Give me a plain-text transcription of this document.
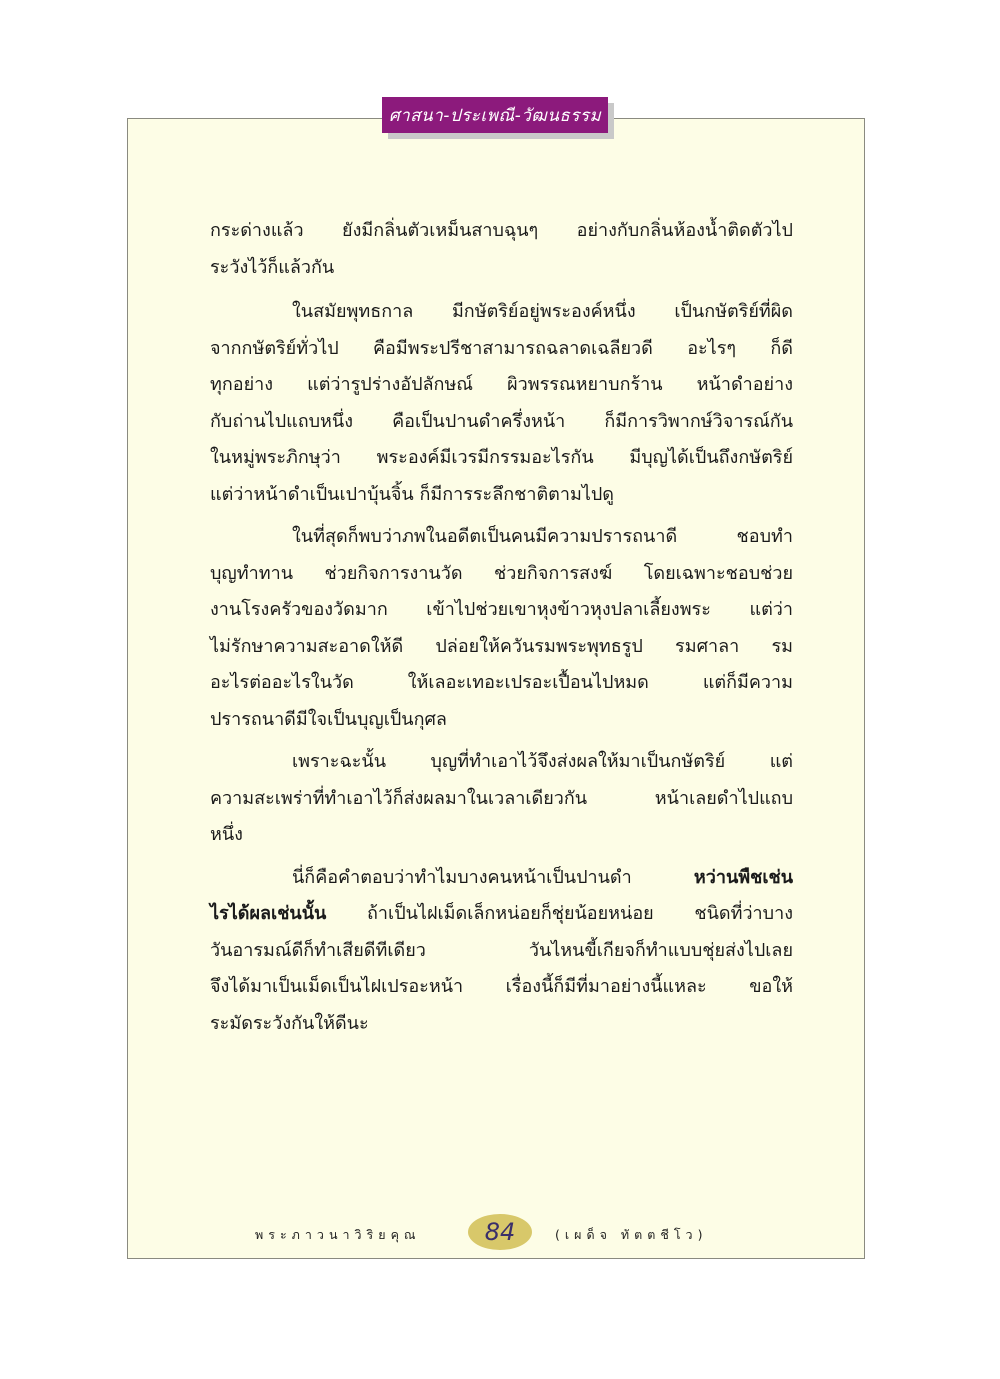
ศาสนา-ประเพณี-วัฒนธรรม

กระด่างแล้ว ยังมีกลิ่นตัวเหม็นสาบฉุนๆ อย่างกับกลิ่นห้องน้ำติดตัวไป
ระวังไว้ก็แล้วกัน

ในสมัยพุทธกาล มีกษัตริย์อยู่พระองค์หนึ่ง เป็นกษัตริย์ที่ผิด
จากกษัตริย์ทั่วไป คือมีพระปรีชาสามารถฉลาดเฉลียวดี อะไรๆ ก็ดี
ทุกอย่าง แต่ว่ารูปร่างอัปลักษณ์ ผิวพรรณหยาบกร้าน หน้าดำอย่าง
กับถ่านไปแถบหนึ่ง คือเป็นปานดำครึ่งหน้า ก็มีการวิพากษ์วิจารณ์กัน
ในหมู่พระภิกษุว่า พระองค์มีเวรมีกรรมอะไรกัน มีบุญได้เป็นถึงกษัตริย์
แต่ว่าหน้าดำเป็นเปาบุ้นจิ้น ก็มีการระลึกชาติตามไปดู

ในที่สุดก็พบว่าภพในอดีตเป็นคนมีความปรารถนาดี ชอบทำ
บุญทำทาน ช่วยกิจการงานวัด ช่วยกิจการสงฆ์ โดยเฉพาะชอบช่วย
งานโรงครัวของวัดมาก เข้าไปช่วยเขาหุงข้าวหุงปลาเลี้ยงพระ แต่ว่า
ไม่รักษาความสะอาดให้ดี ปล่อยให้ควันรมพระพุทธรูป รมศาลา รม
อะไรต่ออะไรในวัด ให้เลอะเทอะเปรอะเปื้อนไปหมด แต่ก็มีความ
ปรารถนาดีมีใจเป็นบุญเป็นกุศล

เพราะฉะนั้น บุญที่ทำเอาไว้จึงส่งผลให้มาเป็นกษัตริย์ แต่
ความสะเพร่าที่ทำเอาไว้ก็ส่งผลมาในเวลาเดียวกัน หน้าเลยดำไปแถบ
หนึ่ง

นี่ก็คือคำตอบว่าทำไมบางคนหน้าเป็นปานดำ	หว่านพืชเช่น
ไรได้ผลเช่นนั้น ถ้าเป็นไฝเม็ดเล็กหน่อยก็ชุ่ยน้อยหน่อย ชนิดที่ว่าบาง
วันอารมณ์ดีก็ทำเสียดีทีเดียว วันไหนขี้เกียจก็ทำแบบชุ่ยส่งไปเลย
จึงได้มาเป็นเม็ดเป็นไฝเปรอะหน้า เรื่องนี้ก็มีที่มาอย่างนี้แหละ ขอให้
ระมัดระวังกันให้ดีนะ

พระภาวนาวิริยคุณ	84	(เผด็จ ทัตตชีโว)
